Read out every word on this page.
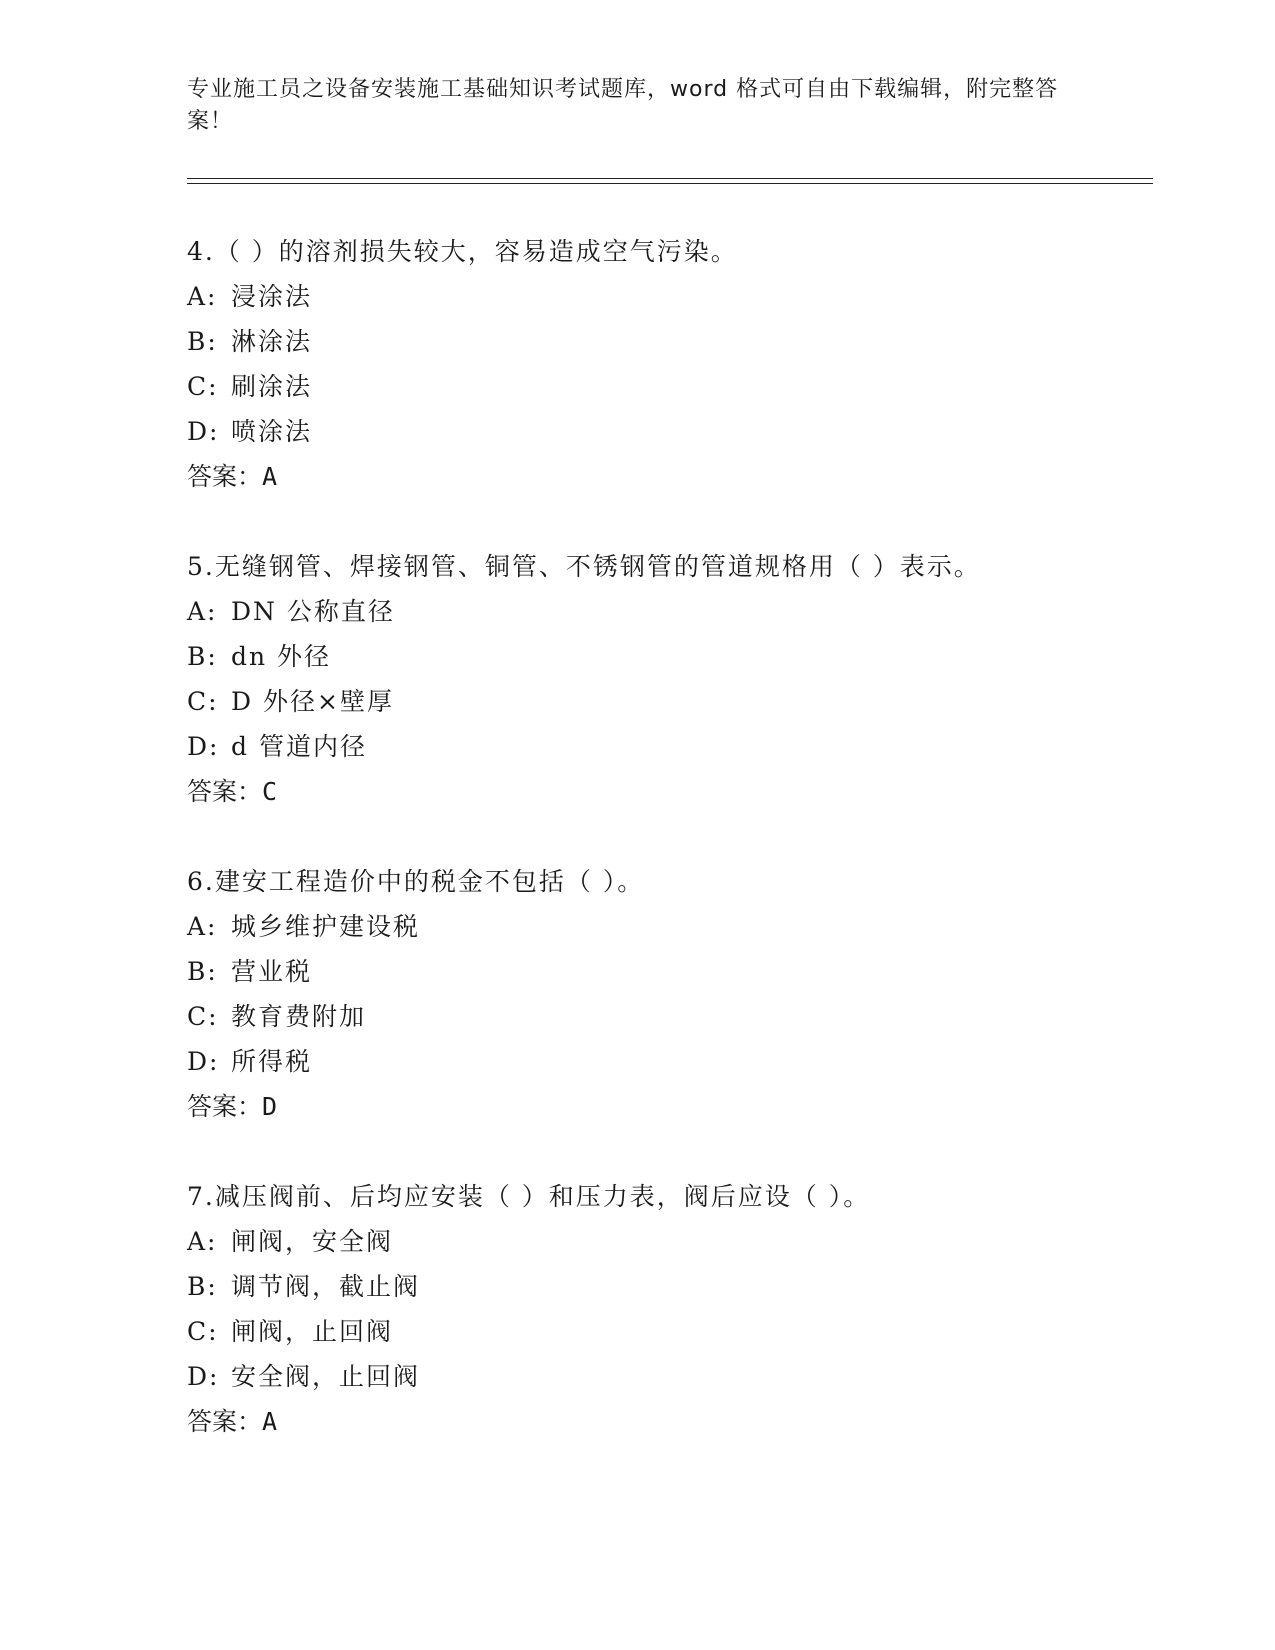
专业施工员之设备安装施工基础知识考试题库，word 格式可自由下载编辑，附完整答案！
4.（ ）的溶剂损失较大，容易造成空气污染。
A: 浸涂法
B: 淋涂法
C: 刷涂法
D: 喷涂法
答案：A
5.无缝钢管、焊接钢管、铜管、不锈钢管的管道规格用（ ）表示。
A: DN 公称直径
B: dn 外径
C: D 外径×壁厚
D: d 管道内径
答案：C
6.建安工程造价中的税金不包括（ ）。
A: 城乡维护建设税
B: 营业税
C: 教育费附加
D: 所得税
答案：D
7.减压阀前、后均应安装（ ）和压力表，阀后应设（ ）。
A: 闸阀，安全阀
B: 调节阀，截止阀
C: 闸阀，止回阀
D: 安全阀，止回阀
答案：A
